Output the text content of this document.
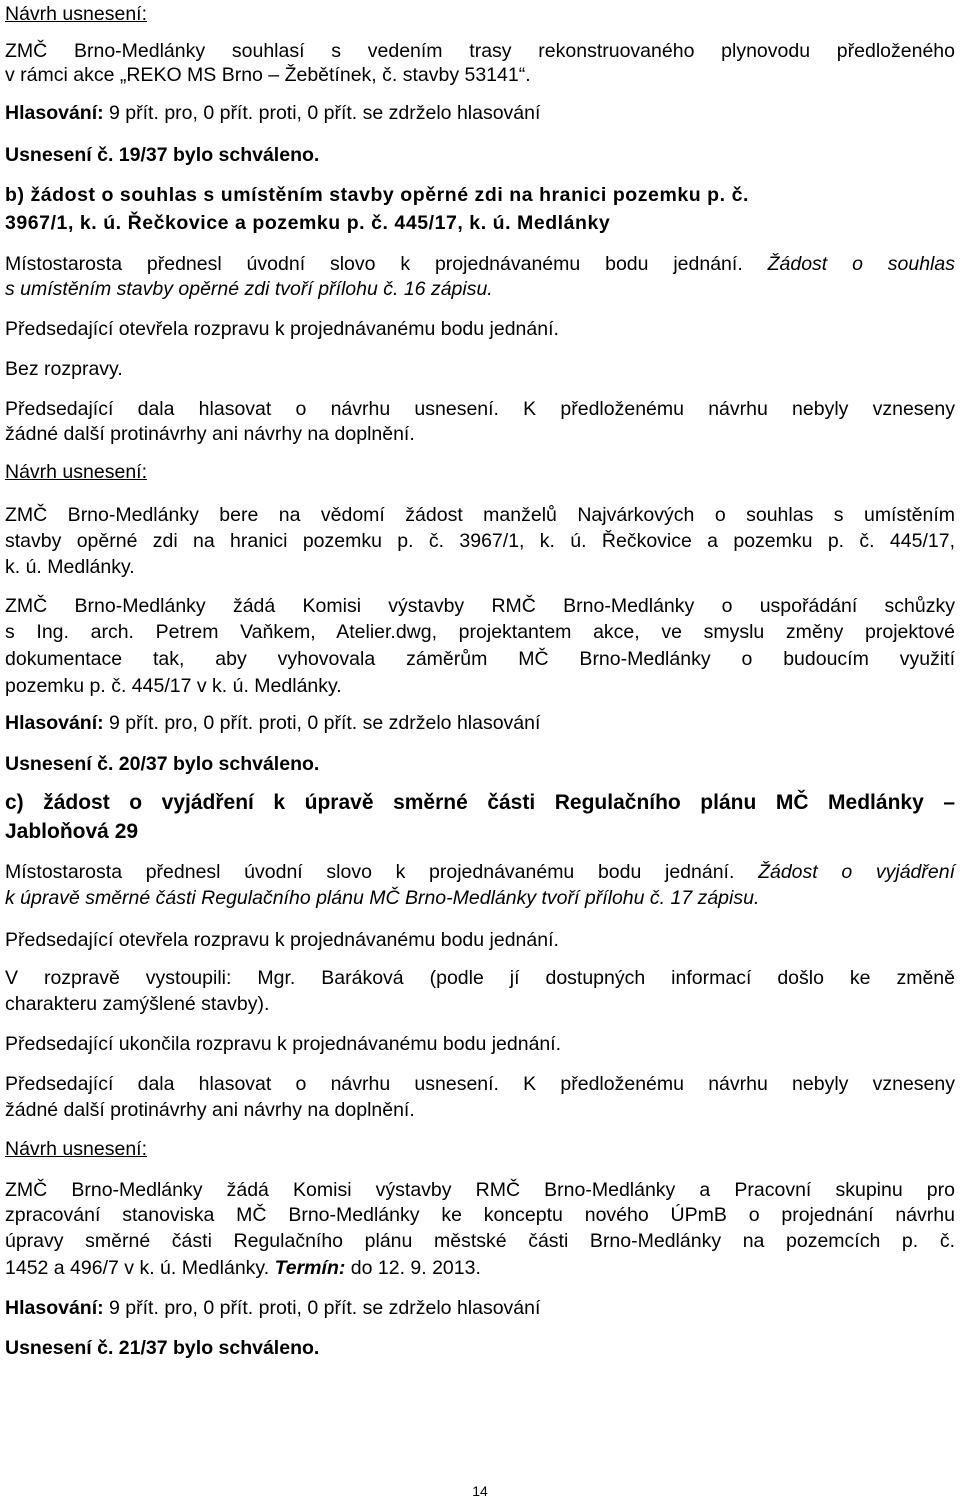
Návrh usnesení:
ZMČ Brno-Medlánky souhlasí s vedením trasy rekonstruovaného plynovodu předloženého
v rámci akce „REKO MS Brno – Žebětínek, č. stavby 53141“.
Hlasování: 9 přít. pro, 0 přít. proti, 0 přít. se zdrželo hlasování
Usnesení č. 19/37 bylo schváleno.
b) žádost o souhlas s umístěním stavby opěrné zdi na hranici pozemku p. č.
3967/1, k. ú. Řečkovice a pozemku p. č. 445/17, k. ú. Medlánky
Místostarosta přednesl úvodní slovo k projednávanému bodu jednání. Žádost o souhlas
s umístěním stavby opěrné zdi tvoří přílohu č. 16 zápisu.
Předsedající otevřela rozpravu k projednávanému bodu jednání.
Bez rozpravy.
Předsedající dala hlasovat o návrhu usnesení. K předloženému návrhu nebyly vzneseny
žádné další protinávrhy ani návrhy na doplnění.
Návrh usnesení:
ZMČ Brno-Medlánky bere na vědomí žádost manželů Najvárkových o souhlas s umístěním
stavby opěrné zdi na hranici pozemku p. č. 3967/1, k. ú. Řečkovice a pozemku p. č. 445/17,
k. ú. Medlánky.
ZMČ Brno-Medlánky žádá Komisi výstavby RMČ Brno-Medlánky o uspořádání schůzky
s Ing. arch. Petrem Vaňkem, Atelier.dwg, projektantem akce, ve smyslu změny projektové
dokumentace tak, aby vyhovovala záměrům MČ Brno-Medlánky o budoucím využití
pozemku p. č. 445/17 v k. ú. Medlánky.
Hlasování: 9 přít. pro, 0 přít. proti, 0 přít. se zdrželo hlasování
Usnesení č. 20/37 bylo schváleno.
c) žádost o vyjádření k úpravě směrné části Regulačního plánu MČ Medlánky –
Jabloňová 29
Místostarosta přednesl úvodní slovo k projednávanému bodu jednání. Žádost o vyjádření
k úpravě směrné části Regulačního plánu MČ Brno-Medlánky tvoří přílohu č. 17 zápisu.
Předsedající otevřela rozpravu k projednávanému bodu jednání.
V rozpravě vystoupili: Mgr. Baráková (podle jí dostupných informací došlo ke změně
charakteru zamýšlené stavby).
Předsedající ukončila rozpravu k projednávanému bodu jednání.
Předsedající dala hlasovat o návrhu usnesení. K předloženému návrhu nebyly vzneseny
žádné další protinávrhy ani návrhy na doplnění.
Návrh usnesení:
ZMČ Brno-Medlánky žádá Komisi výstavby RMČ Brno-Medlánky a Pracovní skupinu pro
zpracování stanoviska MČ Brno-Medlánky ke konceptu nového ÚPmB o projednání návrhu
úpravy směrné části Regulačního plánu městské části Brno-Medlánky na pozemcích p. č.
1452 a 496/7 v k. ú. Medlánky. Termín: do 12. 9. 2013.
Hlasování: 9 přít. pro, 0 přít. proti, 0 přít. se zdrželo hlasování
Usnesení č. 21/37 bylo schváleno.
14
